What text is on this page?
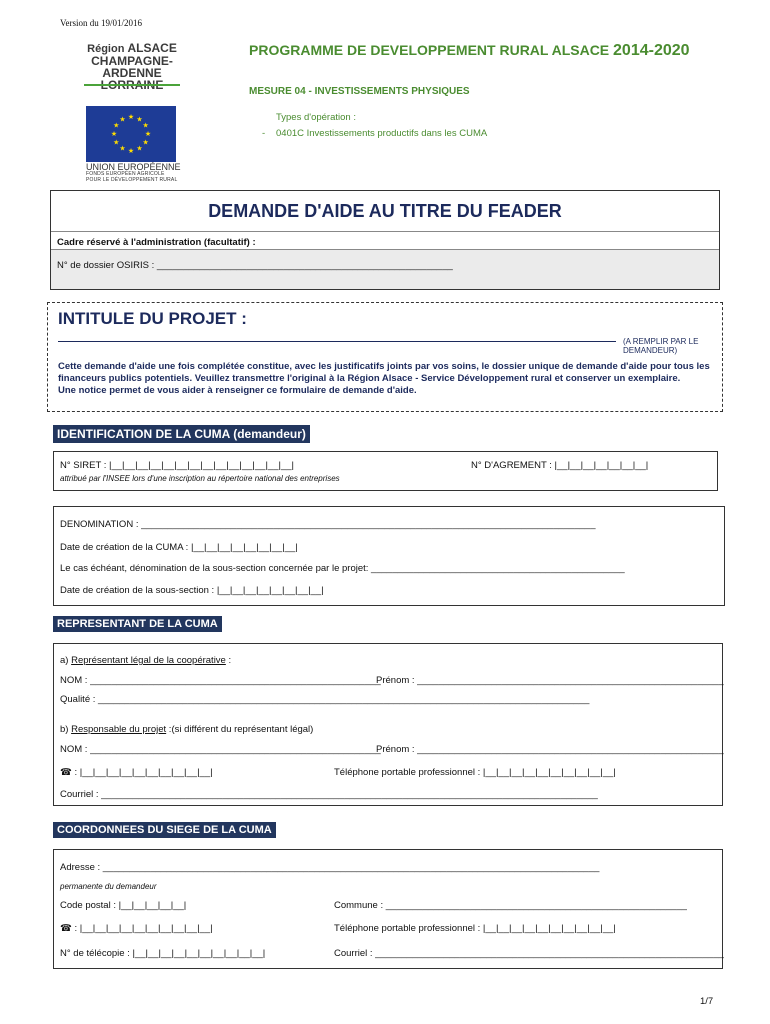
Version du 19/01/2016
Région ALSACE
CHAMPAGNE-ARDENNE
★ ★
★
★
★
★
★
★
★
★
★
★
UNION EUROPÉENNE
FONDS EUROPÉEN AGRICOLE
POUR LE DÉVELOPPEMENT RURAL
PROGRAMME DE DEVELOPPEMENT RURAL ALSACE 2014-2020
MESURE 04 - INVESTISSEMENTS PHYSIQUES
Types d'opération :
- 0401C Investissements productifs dans les CUMA
DEMANDE D'AIDE AU TITRE DU FEADER
Cadre réservé à l'administration (facultatif) :
N° de dossier OSIRIS : ________________________________________________________
INTITULE DU PROJET :
(A REMPLIR PAR LE DEMANDEUR)
Cette demande d'aide une fois complétée constitue, avec les justificatifs joints par vos soins, le dossier unique de demande d'aide pour tous les financeurs publics potentiels. Veuillez transmettre l'original à la Région Alsace - Service Développement rural et conserver un exemplaire.
Une notice permet de vous aider à renseigner ce formulaire de demande d'aide.
IDENTIFICATION DE LA CUMA (demandeur)
N° SIRET : |__|__|__|__|__|__|__|__|__|__|__|__|__|__|	N° D'AGREMENT : |__|__|__|__|__|__|__|
attribué par l'INSEE lors d'une inscription au répertoire national des entreprises
DENOMINATION : ______________________________________________________________________________________
Date de création de la CUMA : |__|__|__|__|__|__|__|__|
Le cas échéant, dénomination de la sous-section concernée par le projet: ________________________________________________
Date de création de la sous-section : |__|__|__|__|__|__|__|__|
REPRESENTANT DE LA CUMA
a) Représentant légal de la coopérative :
NOM : _______________________________________________________
Prénom : __________________________________________________________
Qualité : _____________________________________________________________________________________________
b) Responsable du projet :(si différent du représentant légal)
NOM : _______________________________________________________
Prénom : __________________________________________________________
☎ : |__|__|__|__|__|__|__|__|__|__|	Téléphone portable professionnel : |__|__|__|__|__|__|__|__|__|__|
Courriel : ______________________________________________________________________________________________
COORDONNEES DU SIEGE DE LA CUMA
Adresse : ______________________________________________________________________________________________
permanente du demandeur
Code postal : |__|__|__|__|__|	Commune : _________________________________________________________
☎ : |__|__|__|__|__|__|__|__|__|__|	Téléphone portable professionnel : |__|__|__|__|__|__|__|__|__|__|
N° de télécopie : |__|__|__|__|__|__|__|__|__|__|	Courriel : __________________________________________________________________
1/7
